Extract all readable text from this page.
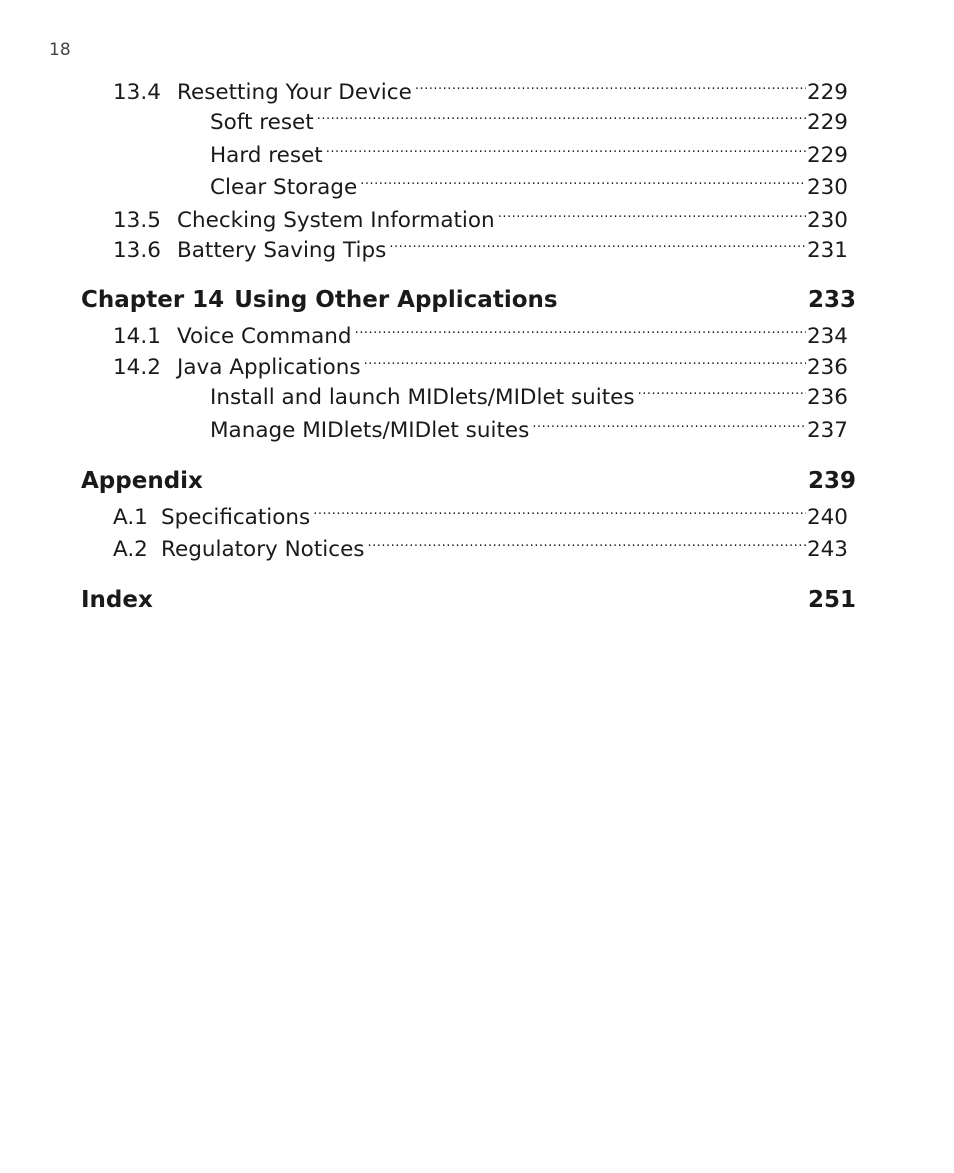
18
13.4 Resetting Your Device .....	229
Soft reset .....	229
Hard reset .....	229
Clear Storage .....	230
13.5 Checking System Information .....	230
13.6 Battery Saving Tips .....	231
Chapter 14 Using Other Applications	233
14.1 Voice Command .....	234
14.2 Java Applications .....	236
Install and launch MIDlets/MIDlet suites .....	236
Manage MIDlets/MIDlet suites .....	237
Appendix	239
A.1 Specifications .....	240
A.2 Regulatory Notices .....	243
Index	251
